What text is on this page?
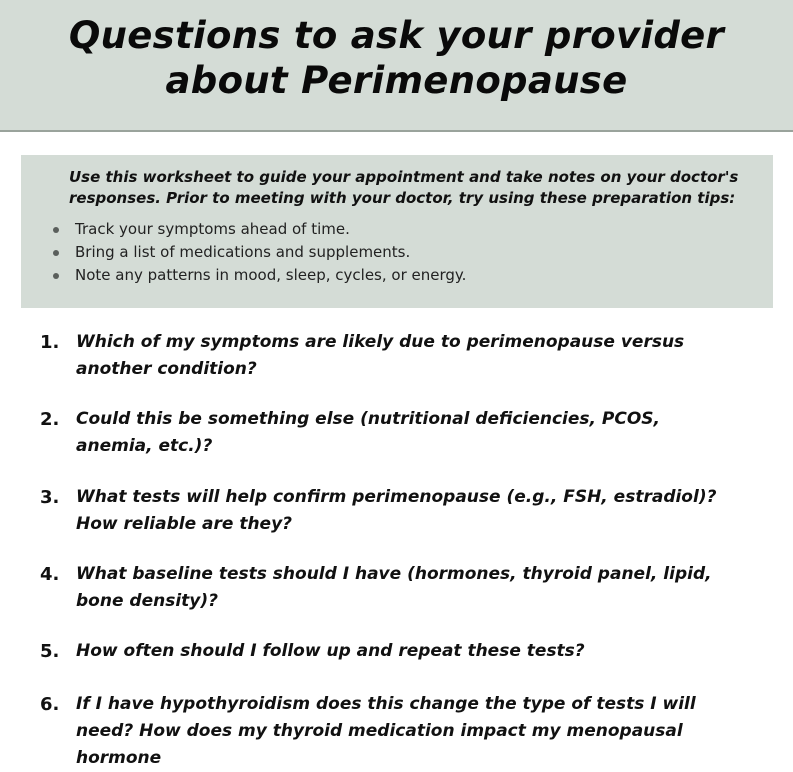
Questions to ask your provider
about Perimenopause

Use this worksheet to guide your appointment and take notes on your doctor's responses. Prior to meeting with your doctor, try using these preparation tips:

Track your symptoms ahead of time.
Bring a list of medications and supplements.
Note any patterns in mood, sleep, cycles, or energy.
1. Which of my symptoms are likely due to perimenopause versus another condition?
2. Could this be something else (nutritional deficiencies, PCOS, anemia, etc.)?
3. What tests will help confirm perimenopause (e.g., FSH, estradiol)? How reliable are they?
4. What baseline tests should I have (hormones, thyroid panel, lipid, bone density)?
5. How often should I follow up and repeat these tests?
6. If I have hypothyroidism does this change the type of tests I will need? How does my thyroid medication impact my menopausal hormone
